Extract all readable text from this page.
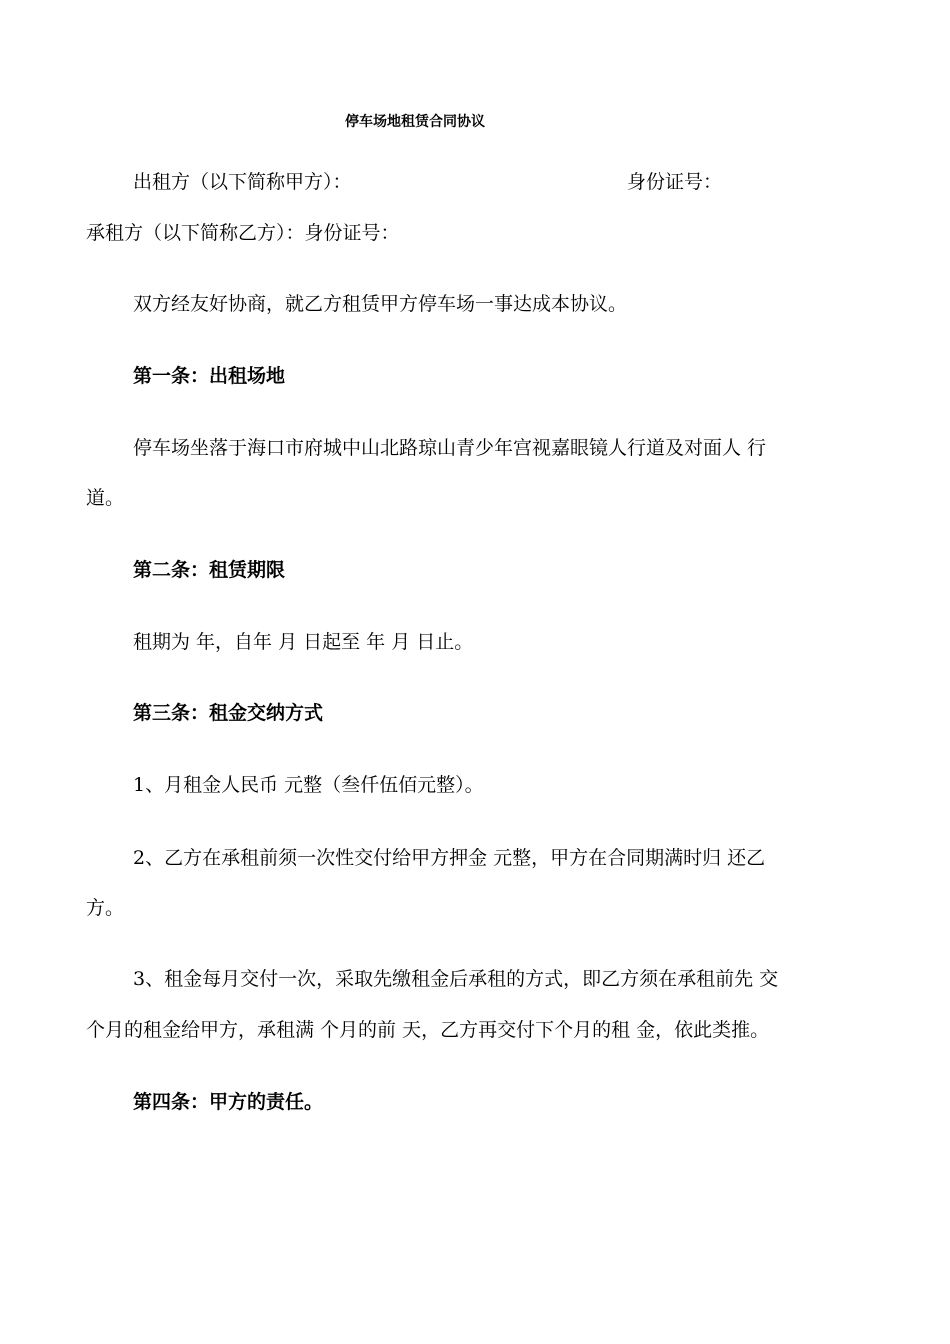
停车场地租赁合同协议
出租方（以下简称甲方）：	身份证号：
承租方（以下简称乙方）：身份证号：
双方经友好协商，就乙方租赁甲方停车场一事达成本协议。
第一条：出租场地
停车场坐落于海口市府城中山北路琼山青少年宫视嘉眼镜人行道及对面人 行
道。
第二条：租赁期限
租期为 年，自年 月 日起至 年 月 日止。
第三条：租金交纳方式
1、月租金人民币 元整（叁仟伍佰元整）。
2、乙方在承租前须一次性交付给甲方押金 元整，甲方在合同期满时归 还乙
方。
3、租金每月交付一次，采取先缴租金后承租的方式，即乙方须在承租前先 交
个月的租金给甲方，承租满 个月的前 天，乙方再交付下个月的租 金，依此类推。
第四条：甲方的责任。
